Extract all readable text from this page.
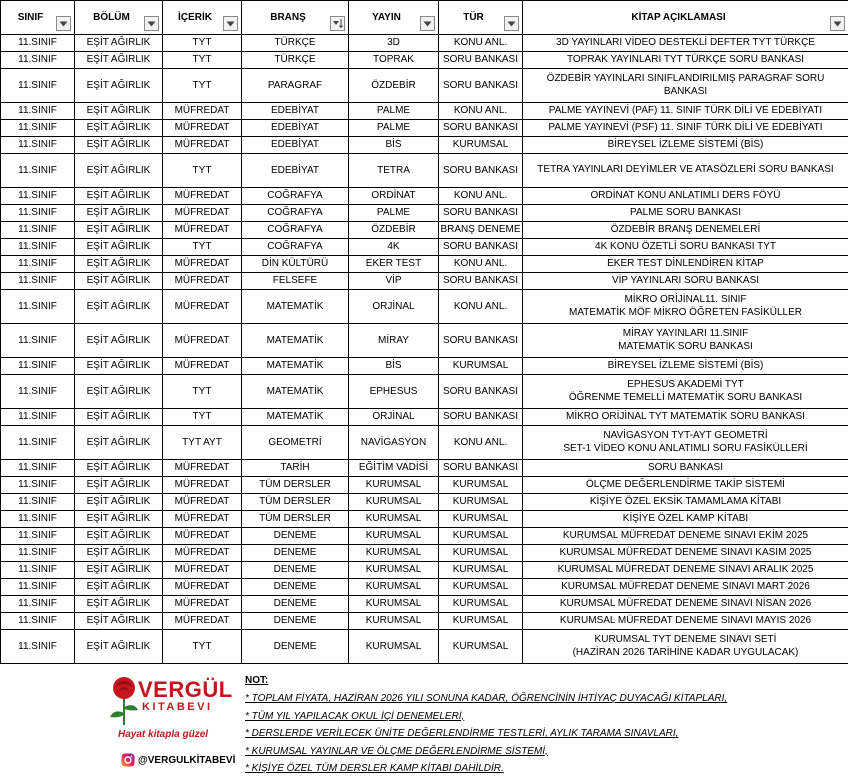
SINIF	BÖLÜM	İÇERİK	BRANŞ	YAYIN	TÜR	KİTAP AÇIKLAMASI

11.SINIF	EŞİT AĞIRLIK	TYT	TÜRKÇE	3D	KONU ANL.	3D YAYINLARI VİDEO DESTEKLİ DEFTER TYT TÜRKÇE
11.SINIF	EŞİT AĞIRLIK	TYT	TÜRKÇE	TOPRAK	SORU BANKASI	TOPRAK YAYINLARI TYT TÜRKÇE SORU BANKASI
11.SINIF	EŞİT AĞIRLIK	TYT	PARAGRAF	ÖZDEBİR	SORU BANKASI	ÖZDEBİR YAYINLARI SINIFLANDIRILMIŞ PARAGRAF SORU BANKASI
11.SINIF	EŞİT AĞIRLIK	MÜFREDAT	EDEBİYAT	PALME	KONU ANL.	PALME YAYINEVİ (PAF) 11. SINIF TÜRK DİLİ VE EDEBİYATI
11.SINIF	EŞİT AĞIRLIK	MÜFREDAT	EDEBİYAT	PALME	SORU BANKASI	PALME YAYINEVİ (PSF) 11. SINIF TÜRK DİLİ VE EDEBİYATI
11.SINIF	EŞİT AĞIRLIK	MÜFREDAT	EDEBİYAT	BİS	KURUMSAL	BİREYSEL İZLEME SİSTEMİ (BİS)
11.SINIF	EŞİT AĞIRLIK	TYT	EDEBİYAT	TETRA	SORU BANKASI	TETRA YAYINLARI DEYİMLER VE ATASÖZLERİ SORU BANKASI
11.SINIF	EŞİT AĞIRLIK	MÜFREDAT	COĞRAFYA	ORDİNAT	KONU ANL.	ORDİNAT KONU ANLATIMLI DERS FÖYÜ
11.SINIF	EŞİT AĞIRLIK	MÜFREDAT	COĞRAFYA	PALME	SORU BANKASI	PALME SORU BANKASI
11.SINIF	EŞİT AĞIRLIK	MÜFREDAT	COĞRAFYA	ÖZDEBİR	BRANŞ DENEME	ÖZDEBİR BRANŞ DENEMELERİ
11.SINIF	EŞİT AĞIRLIK	TYT	COĞRAFYA	4K	SORU BANKASI	4K KONU ÖZETLİ SORU BANKASI TYT
11.SINIF	EŞİT AĞIRLIK	MÜFREDAT	DİN KÜLTÜRÜ	EKER TEST	KONU ANL.	EKER TEST DİNLENDİREN KİTAP
11.SINIF	EŞİT AĞIRLIK	MÜFREDAT	FELSEFE	VİP	SORU BANKASI	VİP YAYINLARI SORU BANKASI
11.SINIF	EŞİT AĞIRLIK	MÜFREDAT	MATEMATİK	ORJİNAL	KONU ANL.	MİKRO ORİJİNAL11. SINIF
MATEMATİK MÖF MİKRO ÖĞRETEN FASİKÜLLER
11.SINIF	EŞİT AĞIRLIK	MÜFREDAT	MATEMATİK	MİRAY	SORU BANKASI	MİRAY YAYINLARI 11.SINIF
MATEMATİK SORU BANKASI
11.SINIF	EŞİT AĞIRLIK	MÜFREDAT	MATEMATİK	BİS	KURUMSAL	BİREYSEL İZLEME SİSTEMİ (BİS)
11.SINIF	EŞİT AĞIRLIK	TYT	MATEMATİK	EPHESUS	SORU BANKASI	EPHESUS AKADEMİ TYT
ÖĞRENME TEMELLİ MATEMATİK SORU BANKASI
11.SINIF	EŞİT AĞIRLIK	TYT	MATEMATİK	ORJİNAL	SORU BANKASI	MİKRO ORİJİNAL TYT MATEMATİK SORU BANKASI
11.SINIF	EŞİT AĞIRLIK	TYT AYT	GEOMETRİ	NAVİGASYON	KONU ANL.	NAVİGASYON TYT-AYT GEOMETRİ
SET-1 VİDEO KONU ANLATIMLI SORU FASİKÜLLERİ
11.SINIF	EŞİT AĞIRLIK	MÜFREDAT	TARİH	EĞİTİM VADİSİ	SORU BANKASI	SORU BANKASI
11.SINIF	EŞİT AĞIRLIK	MÜFREDAT	TÜM DERSLER	KURUMSAL	KURUMSAL	ÖLÇME DEĞERLENDİRME TAKİP SİSTEMİ
11.SINIF	EŞİT AĞIRLIK	MÜFREDAT	TÜM DERSLER	KURUMSAL	KURUMSAL	KİŞİYE ÖZEL EKSİK TAMAMLAMA KİTABI
11.SINIF	EŞİT AĞIRLIK	MÜFREDAT	TÜM DERSLER	KURUMSAL	KURUMSAL	KİŞİYE ÖZEL KAMP KİTABI
11.SINIF	EŞİT AĞIRLIK	MÜFREDAT	DENEME	KURUMSAL	KURUMSAL	KURUMSAL MÜFREDAT DENEME SINAVI EKİM 2025
11.SINIF	EŞİT AĞIRLIK	MÜFREDAT	DENEME	KURUMSAL	KURUMSAL	KURUMSAL MÜFREDAT DENEME SINAVI KASIM 2025
11.SINIF	EŞİT AĞIRLIK	MÜFREDAT	DENEME	KURUMSAL	KURUMSAL	KURUMSAL MÜFREDAT DENEME SINAVI ARALIK 2025
11.SINIF	EŞİT AĞIRLIK	MÜFREDAT	DENEME	KURUMSAL	KURUMSAL	KURUMSAL MÜFREDAT DENEME SINAVI MART 2026
11.SINIF	EŞİT AĞIRLIK	MÜFREDAT	DENEME	KURUMSAL	KURUMSAL	KURUMSAL MÜFREDAT DENEME SINAVI NİSAN 2026
11.SINIF	EŞİT AĞIRLIK	MÜFREDAT	DENEME	KURUMSAL	KURUMSAL	KURUMSAL MÜFREDAT DENEME SINAVI MAYIS 2026
11.SINIF	EŞİT AĞIRLIK	TYT	DENEME	KURUMSAL	KURUMSAL	KURUMSAL TYT DENEME SINAVI SETİ
(HAZİRAN 2026 TARİHİNE KADAR UYGULACAK)
VERGÜL
KITABEVI
Hayat kitapla güzel
@VERGULKİTABEVİ
NOT:
* TOPLAM FİYATA, HAZİRAN 2026 YILI SONUNA KADAR, ÖĞRENCİNİN İHTİYAÇ DUYACAĞI KİTAPLARI,
* TÜM YIL YAPILACAK OKUL İÇİ DENEMELERİ,
* DERSLERDE VERİLECEK ÜNİTE DEĞERLENDİRME TESTLERİ, AYLIK TARAMA SINAVLARI,
* KURUMSAL YAYINLAR VE ÖLÇME DEĞERLENDİRME SİSTEMİ,
* KİŞİYE ÖZEL TÜM DERSLER KAMP KİTABI DAHİLDİR.
